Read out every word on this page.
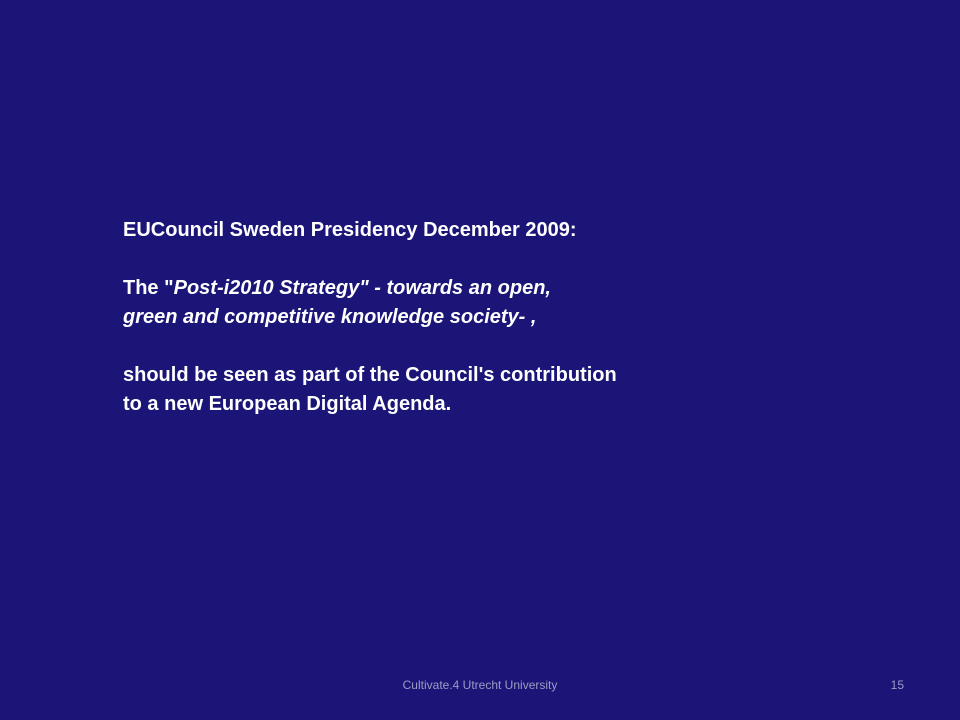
EUCouncil Sweden Presidency December 2009:

The "Post-i2010 Strategy" - towards an open,

green and competitive knowledge society- ,

should be seen as part of the Council's contribution

to a new European Digital Agenda.

Cultivate.4 Utrecht University	15
